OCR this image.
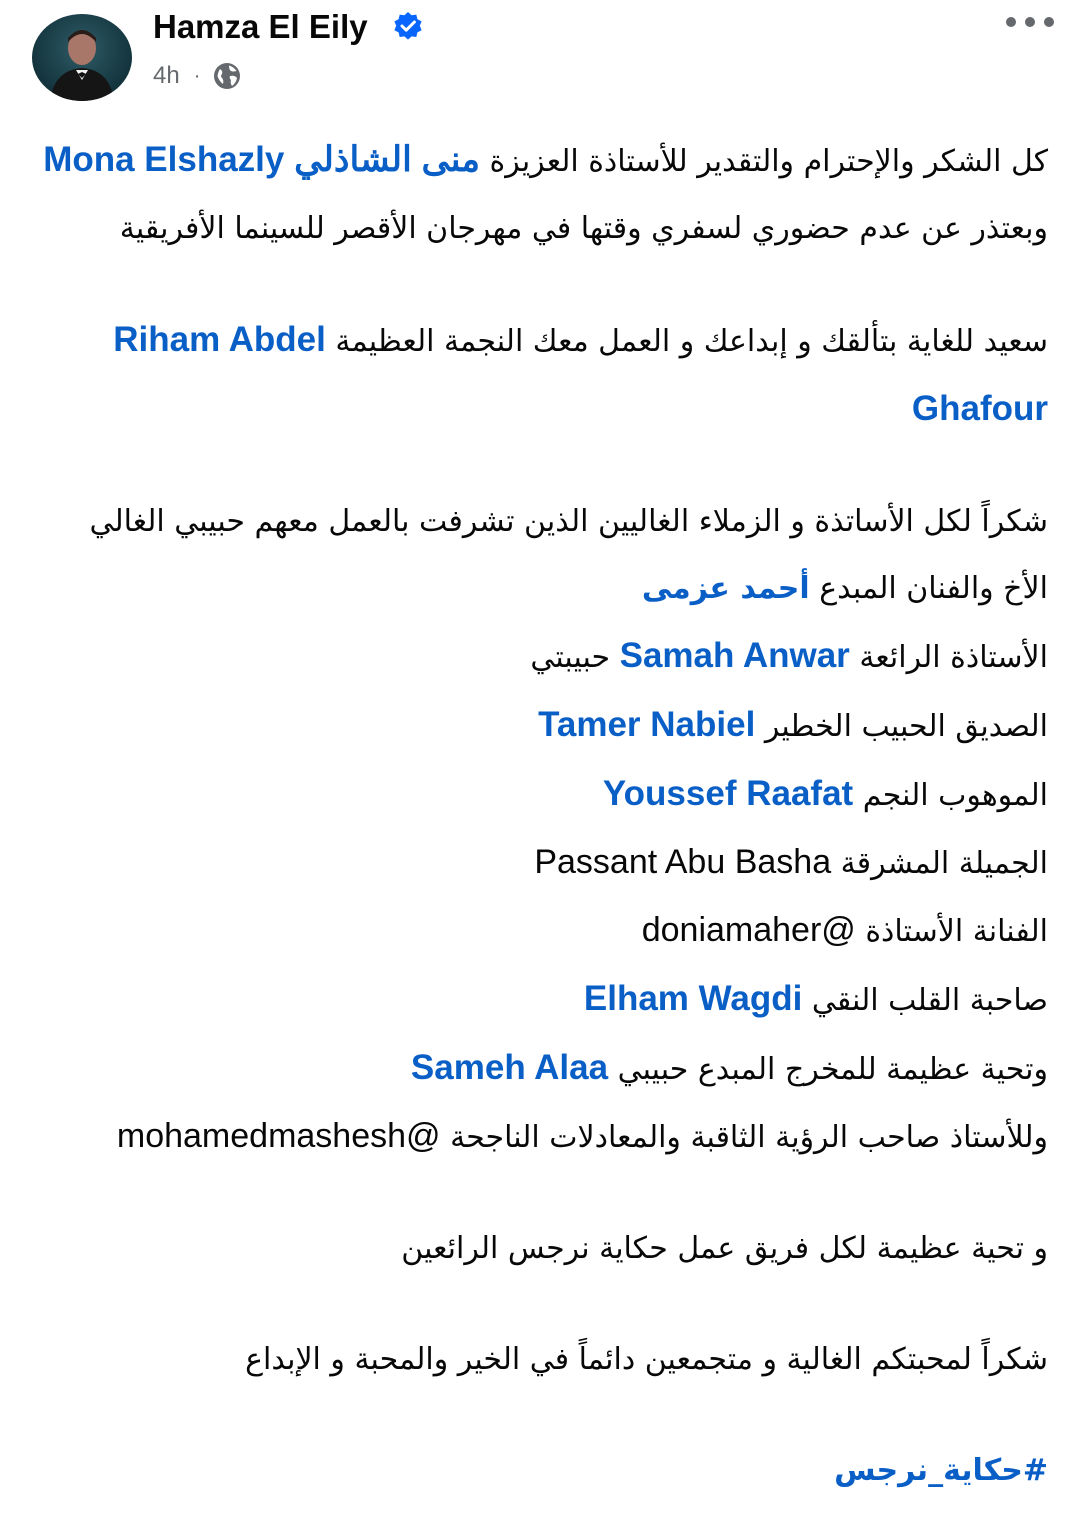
Hamza El Eily
4h ·

كل الشكر والإحترام والتقدير للأستاذة العزيزة منى الشاذلي Mona Elshazly وبعتذر عن عدم حضوري لسفري وقتها في مهرجان الأقصر للسينما الأفريقية

سعيد للغاية بتألقك و إبداعك و العمل معك النجمة العظيمة Riham Abdel Ghafour

شكراً لكل الأساتذة و الزملاء الغاليين الذين تشرفت بالعمل معهم حبيبي الغالي

الأخ والفنان المبدع أحمد عزمى

الأستاذة الرائعة Samah Anwar حبيبتي

الصديق الحبيب الخطير Tamer Nabiel

الموهوب النجم Youssef Raafat

الجميلة المشرقة Passant Abu Basha

الفنانة الأستاذة @doniamaher

صاحبة القلب النقي Elham Wagdi

وتحية عظيمة للمخرج المبدع حبيبي Sameh Alaa

وللأستاذ صاحب الرؤية الثاقبة والمعادلات الناجحة @mohamedmashesh

و تحية عظيمة لكل فريق عمل حكاية نرجس الرائعين

شكراً لمحبتكم الغالية و متجمعين دائماً في الخير والمحبة و الإبداع

#حكاية_نرجس
